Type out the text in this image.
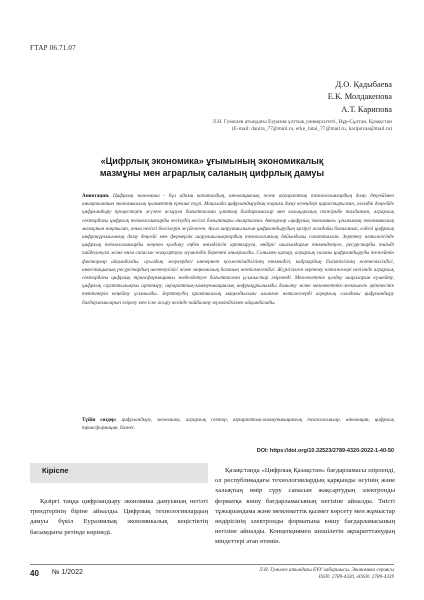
ҒТАР 06.71.07
Д.О. Қадыбаева
Е.К. Молдакенова
А.Т. Карипова
Л.Н. Гумилев атындағы Еуразия ұлттық университеті, Нұр-Сұлтан, Қазақстан
(E-mail: danira_77@mail.ru, erke_tutai_77@mail.ru, karipovaa@mail.ru)
«Цифрлық экономика» ұғымының экономикалық
мазмұны мен аграрлық саланың цифрлық дамуы
Аннотация. Цифрлық экономика - бұл адами капиталдың, инновациялық және ақпараттық технологиялардың даму деңгейімен анықталатын экономикалық қызметтің ерекше түрі. Мақалада цифрландырудың тарихи даму кезеңдері қарастырылған, әлемдік деңгейде цифрландыру процестерін жүзеге асыруға бағытталған ұлттық бағдарламалар мен халықаралық тәжірибе талданған, аграрлық сектордағы цифрлық технологияларды енгізудің негізгі бағыттары анықталған. Авторлар «цифрлық экономика» ұғымының экономикалық мазмұнын нақтылап, оның негізгі белгілерін жүйелеген. Ауыл шаруашылығын цифрландырудың қазіргі жағдайы бағаланып, елдегі цифрлық инфрақұрылымның даму деңгейі мен фермерлік шаруашылықтардың технологиялық дайындығы сипатталған. Зерттеу нәтижесінде цифрлық технологияларды кеңінен қолдану еңбек өнімділігін арттыруға, өндіріс шығындарын төмендетуге, ресурстарды тиімді пайдалануға және өнім сапасын жақсартуға мүмкіндік беретіні анықталды. Сонымен қатар, аграрлық саланы цифрландыруды тежейтін факторлар айқындалды: ауылдық жерлердегі интернет қолжетімділігінің төмендігі, кадрлардың біліктілігінің жеткіліксіздігі, инвестициялық ресурстардың шектеулілігі және заңнамалық базаның жетілмегендігі. Жүргізілген зерттеу нәтижелері негізінде аграрлық сектордағы цифрлық трансформацияны жеделдетуге бағытталған ұсыныстар әзірленді. Мемлекеттік қолдау шараларын күшейту, цифрлық сауаттылықты арттыру, ақпараттық-коммуникациялық инфрақұрылымды дамыту және мемлекеттік-жекешелік әріптестік тетіктерін кеңейту ұсынылды. Зерттеудің практикалық маңыздылығы алынған нәтижелерді аграрлық саладағы цифрландыру бағдарламаларын әзірлеу мен іске асыру кезінде пайдалану мүмкіндігімен айқындалады.
Түйін сөздер: цифрландыру, экономика, аграрлық сектор, ақпараттық-коммуникациялық технологиялар, инновация, цифрлық трансформация, бизнес.
DOI: https://doi.org/10.32523/2789-4320-2022-1-40-50
Кіріспе
Қазіргі таңда цифрландыру экономика дамуының негізгі трендтерінің біріне айналды. Цифрлық технологиялардың дамуы бүкіл Еуразиялық экономикалық кеңістіктің басымдығы ретінде көрінеді.
Қазақстанда «Цифрлық Қазақстан» бағдарламасы әзірленді, ол республикадағы технологиялардың қарқынды өсуінің және халықтың өмір сүру сапасын жақсартудың электронды форматқа көшу бағдарламасының негізіне айналды. Тиісті тұжырымдама және мемлекеттік қызмет көрсету мен жұмыстар өндірісінің электронды форматына көшу бағдарламасының негізіне айналды. Концепциямен шешілетін ақпаратттанудың міндеттері атап өтемін.
40 № 1/2022	Л.Н. Гумилев атындағы ЕҰУ хабаршысы. Экономика сериясы
ISSN: 2789-4320, eISSN: 2789-4339
